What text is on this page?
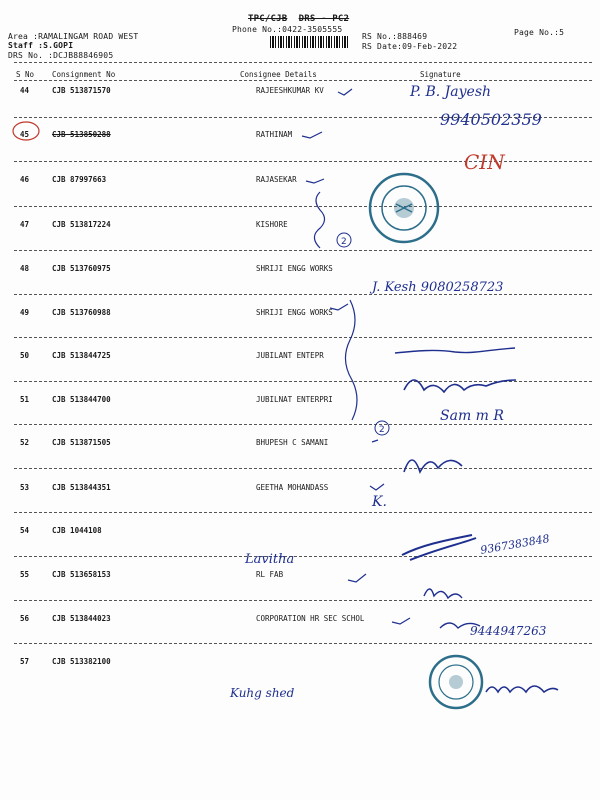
TPC/CJB DRS - PC2
Phone No.:0422-3505555
Area :RAMALINGAM ROAD WEST
Staff :S.GOPI
DRS No. :DCJB88846905
RS No.:888469
RS Date:09-Feb-2022
Page No.:5
S No Consignment No	Consignee Details	Signature
44	CJB 513871570	RAJEESHKUMAR KV
45	CJB 513850288	RATHINAM
46	CJB 87997663	RAJASEKAR
47	CJB 513817224	KISHORE
48	CJB 513760975	SHRIJI ENGG WORKS
49	CJB 513760988	SHRIJI ENGG WORKS
50	CJB 513844725	JUBILANT ENTEPR
51	CJB 513844700	JUBILNAT ENTERPRI
52	CJB 513871505	BHUPESH C SAMANI
53	CJB 513844351	GEETHA MOHANDASS
54	CJB 1044108
55	CJB 513658153	RL FAB
56	CJB 513844023	CORPORATION HR SEC SCHOL
57	CJB 513382100
2
2
P. B. Jayesh
9940502359
CIN
J. Kesh 9080258723
Sam m R
K.
9367383848
Lavitha
9444947263
Kuhg shed
